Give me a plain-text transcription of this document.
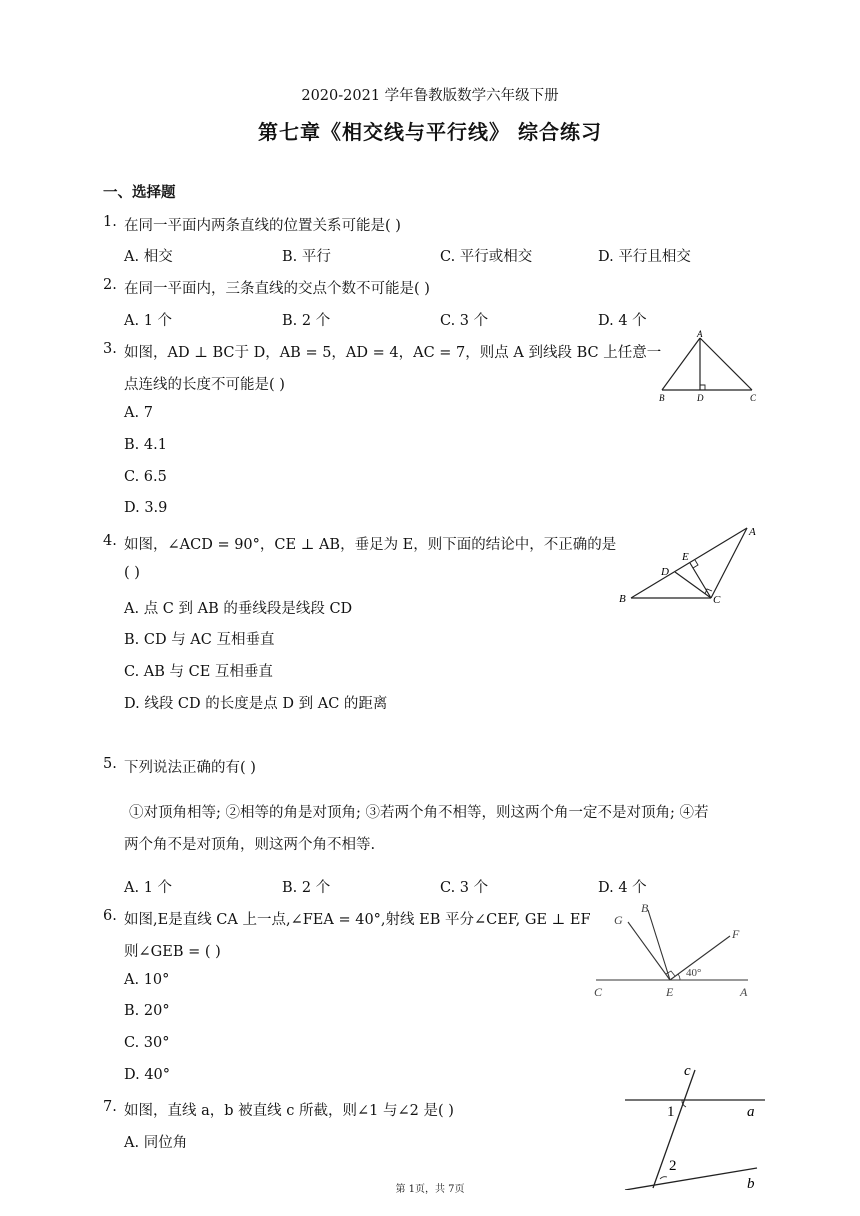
2020-2021 学年鲁教版数学六年级下册
第七章《相交线与平行线》 综合练习
一、选择题
1. 在同一平面内两条直线的位置关系可能是( )
A. 相交	B. 平行	C. 平行或相交	D. 平行且相交
2. 在同一平面内，三条直线的交点个数不可能是( )
A. 1 个	B. 2 个	C. 3 个	D. 4 个
3. 如图，AD ⊥ BC于 D，AB = 5，AD = 4，AC = 7，则点 A 到线段 BC 上任意一
点连线的长度不可能是( )
A. 7
B. 4.1
C. 6.5
D. 3.9
A
B	D	C
4. 如图，∠ACD = 90°，CE ⊥ AB，垂足为 E，则下面的结论中，不正确的是
( )
A. 点 C 到 AB 的垂线段是线段 CD
B. CD 与 AC 互相垂直
C. AB 与 CE 互相垂直
D. 线段 CD 的长度是点 D 到 AC 的距离
A
E
D
B	C
5. 下列说法正确的有( )
①对顶角相等; ②相等的角是对顶角; ③若两个角不相等，则这两个角一定不是对顶角; ④若
两个角不是对顶角，则这两个角不相等.
A. 1 个	B. 2 个	C. 3 个	D. 4 个
6. 如图,E是直线 CA 上一点,∠FEA = 40°,射线 EB 平分∠CEF, GE ⊥ EF
则∠GEB = ( )
A. 10°
B. 20°
C. 30°
D. 40°
G
B
F
40°
C	E	A
7. 如图，直线 a，b 被直线 c 所截，则∠1 与∠2 是( )
A. 同位角
c
1	a
2
b
第 1页，共 7页
